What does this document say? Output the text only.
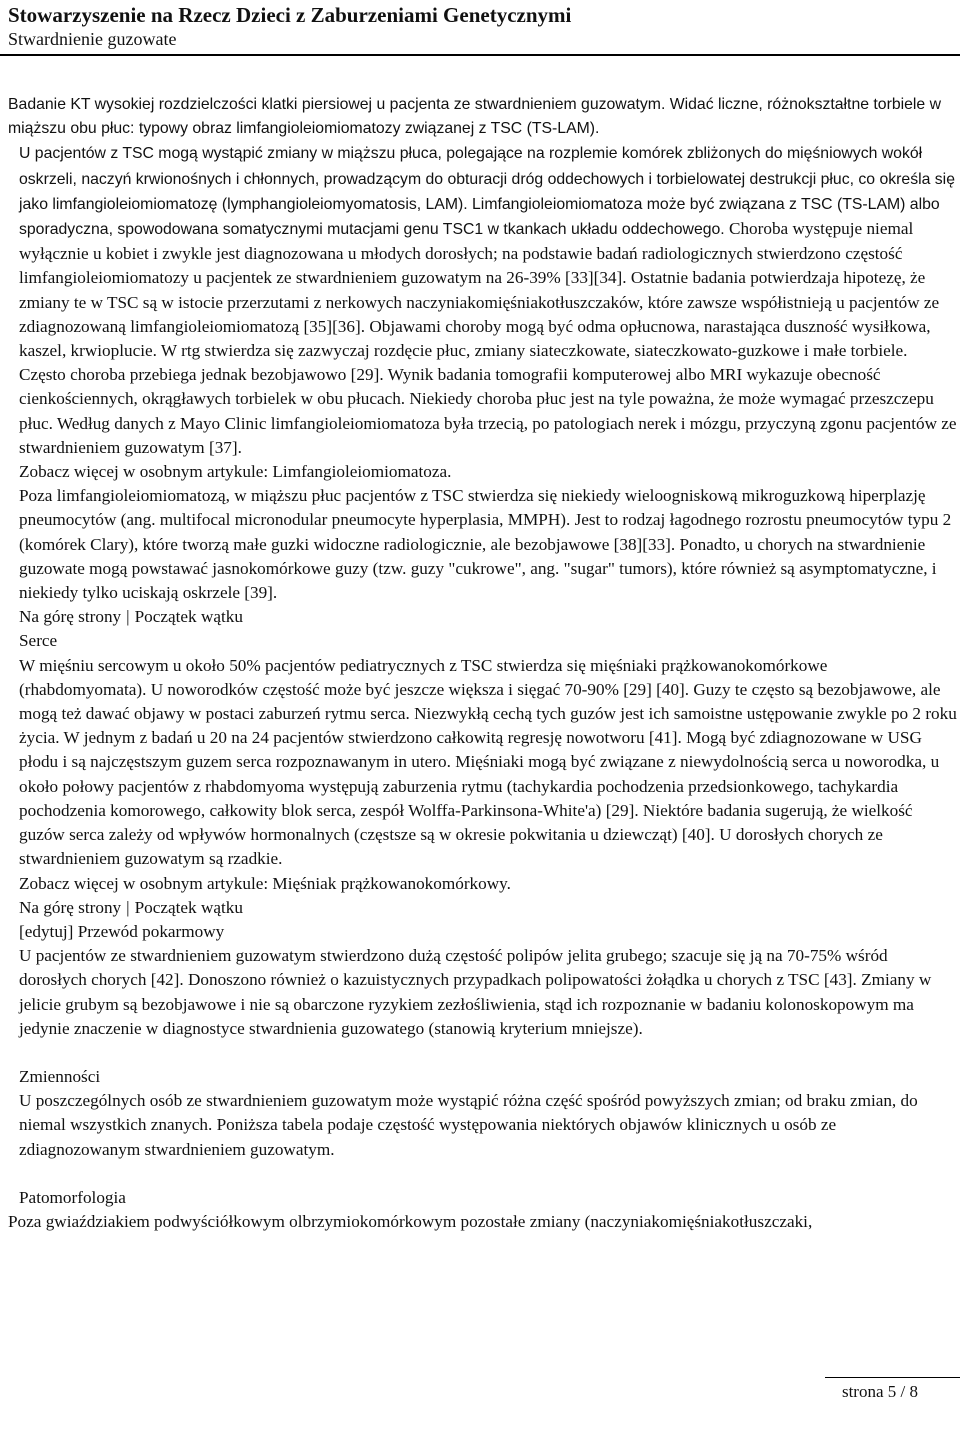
Stowarzyszenie na Rzecz Dzieci z Zaburzeniami Genetycznymi

Stwardnienie guzowate

Badanie KT wysokiej rozdzielczości klatki piersiowej u pacjenta ze stwardnieniem guzowatym. Widać liczne, różnokształtne torbiele w miąższu obu płuc: typowy obraz limfangioleiomiomatozy związanej z TSC (TS-LAM).

U pacjentów z TSC mogą wystąpić zmiany w miąższu płuca, polegające na rozplemie komórek zbliżonych do mięśniowych wokół oskrzeli, naczyń krwionośnych i chłonnych, prowadzącym do obturacji dróg oddechowych i torbielowatej destrukcji płuc, co określa się jako limfangioleiomiomatozę (lymphangioleiomyomatosis, LAM). Limfangioleiomiomatoza może być związana z TSC (TS-LAM) albo sporadyczna, spowodowana somatycznymi mutacjami genu TSC1 w tkankach układu oddechowego. Choroba występuje niemal wyłącznie u kobiet i zwykle jest diagnozowana u młodych dorosłych; na podstawie badań radiologicznych stwierdzono częstość limfangioleiomiomatozy u pacjentek ze stwardnieniem guzowatym na 26-39% [33][34]. Ostatnie badania potwierdzaja hipotezę, że zmiany te w TSC są w istocie przerzutami z nerkowych naczyniakomięśniakotłuszczaków, które zawsze współistnieją u pacjentów ze zdiagnozowaną limfangioleiomiomatozą [35][36]. Objawami choroby mogą być odma opłucnowa, narastająca duszność wysiłkowa, kaszel, krwioplucie. W rtg stwierdza się zazwyczaj rozdęcie płuc, zmiany siateczkowate, siateczkowato-guzkowe i małe torbiele. Często choroba przebiega jednak bezobjawowo [29]. Wynik badania tomografii komputerowej albo MRI wykazuje obecność cienkościennych, okrągławych torbielek w obu płucach. Niekiedy choroba płuc jest na tyle poważna, że może wymagać przeszczepu płuc. Według danych z Mayo Clinic limfangioleiomiomatoza była trzecią, po patologiach nerek i mózgu, przyczyną zgonu pacjentów ze stwardnieniem guzowatym [37].

Zobacz więcej w osobnym artykule: Limfangioleiomiomatoza.

Poza limfangioleiomiomatozą, w miąższu płuc pacjentów z TSC stwierdza się niekiedy wieloogniskową mikroguzkową hiperplazję pneumocytów (ang. multifocal micronodular pneumocyte hyperplasia, MMPH). Jest to rodzaj łagodnego rozrostu pneumocytów typu 2 (komórek Clary), które tworzą małe guzki widoczne radiologicznie, ale bezobjawowe [38][33]. Ponadto, u chorych na stwardnienie guzowate mogą powstawać jasnokomórkowe guzy (tzw. guzy "cukrowe", ang. "sugar" tumors), które również są asymptomatyczne, i niekiedy tylko uciskają oskrzele [39].

Na górę strony | Początek wątku

Serce

W mięśniu sercowym u około 50% pacjentów pediatrycznych z TSC stwierdza się mięśniaki prążkowanokomórkowe (rhabdomyomata). U noworodków częstość może być jeszcze większa i sięgać 70-90% [29] [40]. Guzy te często są bezobjawowe, ale mogą też dawać objawy w postaci zaburzeń rytmu serca. Niezwykłą cechą tych guzów jest ich samoistne ustępowanie zwykle po 2 roku życia. W jednym z badań u 20 na 24 pacjentów stwierdzono całkowitą regresję nowotworu [41]. Mogą być zdiagnozowane w USG płodu i są najczęstszym guzem serca rozpoznawanym in utero. Mięśniaki mogą być związane z niewydolnością serca u noworodka, u około połowy pacjentów z rhabdomyoma występują zaburzenia rytmu (tachykardia pochodzenia przedsionkowego, tachykardia pochodzenia komorowego, całkowity blok serca, zespół Wolffa-Parkinsona-White'a) [29]. Niektóre badania sugerują, że wielkość guzów serca zależy od wpływów hormonalnych (częstsze są w okresie pokwitania u dziewcząt) [40]. U dorosłych chorych ze stwardnieniem guzowatym są rzadkie.

Zobacz więcej w osobnym artykule: Mięśniak prążkowanokomórkowy.

Na górę strony | Początek wątku

[edytuj] Przewód pokarmowy

U pacjentów ze stwardnieniem guzowatym stwierdzono dużą częstość polipów jelita grubego; szacuje się ją na 70-75% wśród dorosłych chorych [42]. Donoszono również o kazuistycznych przypadkach polipowatości żołądka u chorych z TSC [43]. Zmiany w jelicie grubym są bezobjawowe i nie są obarczone ryzykiem zezłośliwienia, stąd ich rozpoznanie w badaniu kolonoskopowym ma jedynie znaczenie w diagnostyce stwardnienia guzowatego (stanowią kryterium mniejsze).

Zmienności

U poszczególnych osób ze stwardnieniem guzowatym może wystąpić różna część spośród powyższych zmian; od braku zmian, do niemal wszystkich znanych. Poniższa tabela podaje częstość występowania niektórych objawów klinicznych u osób ze zdiagnozowanym stwardnieniem guzowatym.

Patomorfologia

Poza gwiaździakiem podwyściółkowym olbrzymiokomórkowym pozostałe zmiany (naczyniakomięśniakotłuszczaki,

strona 5 / 8
